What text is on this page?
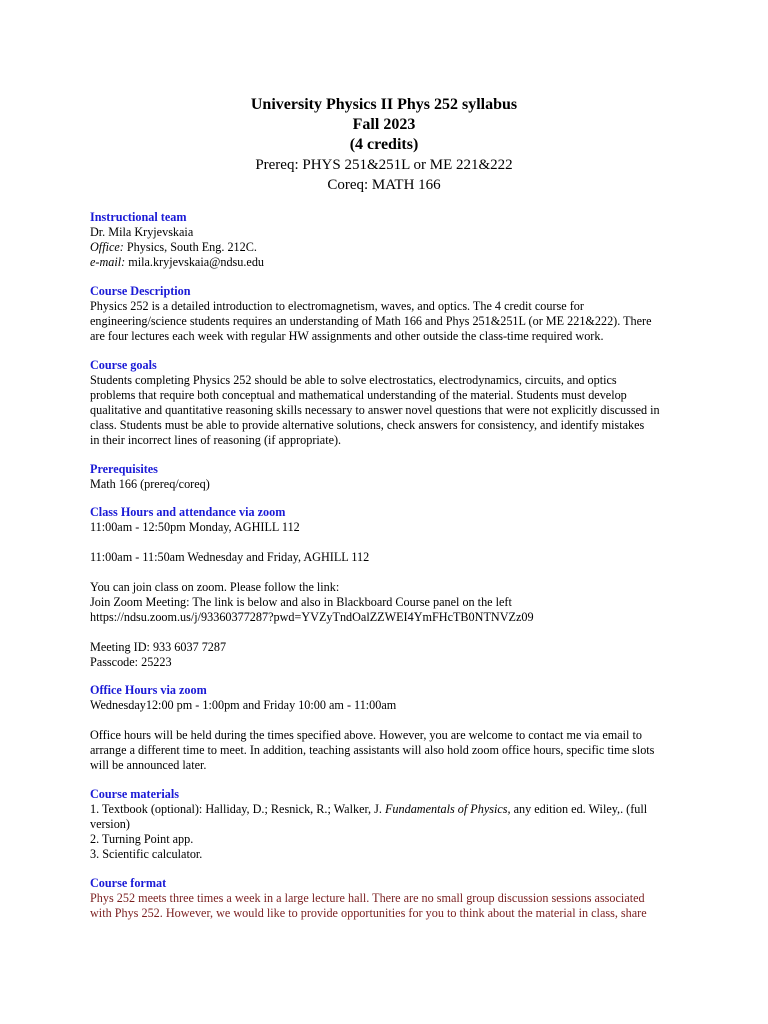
University Physics II Phys 252 syllabus
Fall 2023
(4 credits)
Prereq: PHYS 251&251L or ME 221&222
Coreq: MATH 166

Instructional team

Dr. Mila Kryjevskaia

Office: Physics, South Eng. 212C.

e-mail: mila.kryjevskaia@ndsu.edu

Course Description

Physics 252 is a detailed introduction to electromagnetism, waves, and optics. The 4 credit course for

engineering/science students requires an understanding of Math 166 and Phys 251&251L (or ME 221&222). There

are four lectures each week with regular HW assignments and other outside the class-time required work.

Course goals

Students completing Physics 252 should be able to solve electrostatics, electrodynamics, circuits, and optics

problems that require both conceptual and mathematical understanding of the material. Students must develop

qualitative and quantitative reasoning skills necessary to answer novel questions that were not explicitly discussed in

class. Students must be able to provide alternative solutions, check answers for consistency, and identify mistakes

in their incorrect lines of reasoning (if appropriate).

Prerequisites

Math 166 (prereq/coreq)

Class Hours and attendance via zoom

11:00am - 12:50pm Monday, AGHILL 112

11:00am - 11:50am Wednesday and Friday, AGHILL 112

You can join class on zoom. Please follow the link:

Join Zoom Meeting: The link is below and also in Blackboard Course panel on the left

https://ndsu.zoom.us/j/93360377287?pwd=YVZyTndOalZZWEI4YmFHcTB0NTNVZz09

Meeting ID: 933 6037 7287

Passcode: 25223

Office Hours via zoom

Wednesday12:00 pm - 1:00pm and Friday 10:00 am - 11:00am

Office hours will be held during the times specified above. However, you are welcome to contact me via email to

arrange a different time to meet. In addition, teaching assistants will also hold zoom office hours, specific time slots

will be announced later.

Course materials

1. Textbook (optional): Halliday, D.; Resnick, R.; Walker, J. Fundamentals of Physics, any edition ed. Wiley,. (full

version)

2. Turning Point app.

3. Scientific calculator.

Course format

Phys 252 meets three times a week in a large lecture hall. There are no small group discussion sessions associated

with Phys 252. However, we would like to provide opportunities for you to think about the material in class, share
